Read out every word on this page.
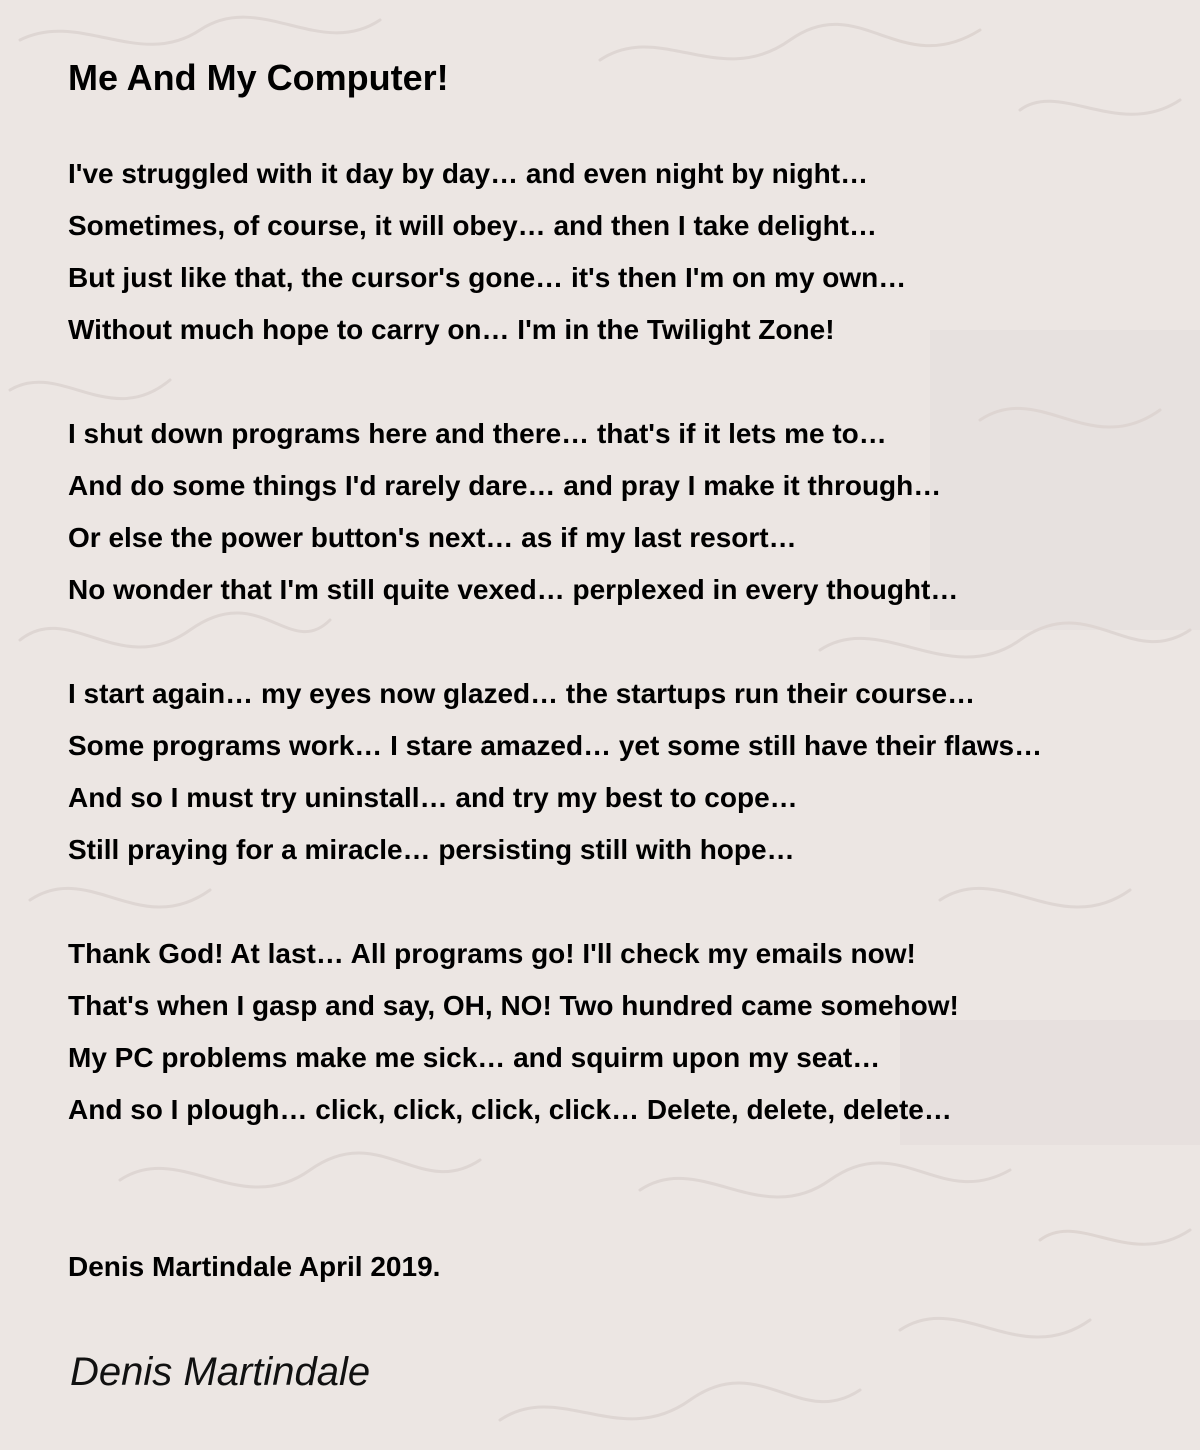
Me And My Computer!
I've struggled with it day by day… and even night by night…
Sometimes, of course, it will obey… and then I take delight…
But just like that, the cursor's gone… it's then I'm on my own…
Without much hope to carry on… I'm in the Twilight Zone!
I shut down programs here and there… that's if it lets me to…
And do some things I'd rarely dare… and pray I make it through…
Or else the power button's next… as if my last resort…
No wonder that I'm still quite vexed… perplexed in every thought…
I start again… my eyes now glazed… the startups run their course…
Some programs work… I stare amazed… yet some still have their flaws…
And so I must try uninstall… and try my best to cope…
Still praying for a miracle… persisting still with hope…
Thank God! At last… All programs go! I'll check my emails now!
That's when I gasp and say, OH, NO! Two hundred came somehow!
My PC problems make me sick… and squirm upon my seat…
And so I plough… click, click, click, click… Delete, delete, delete…
Denis Martindale April 2019.
Denis Martindale
